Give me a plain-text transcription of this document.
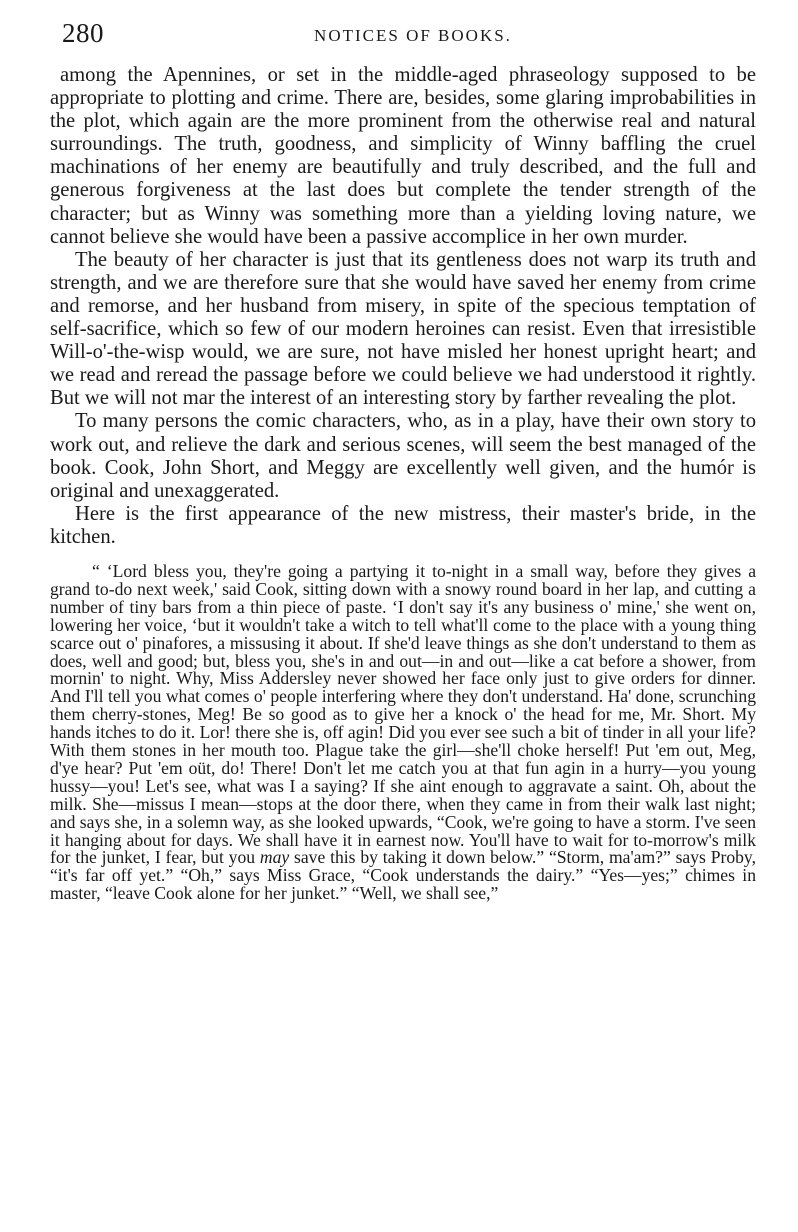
280	NOTICES OF BOOKS.

among the Apennines, or set in the middle-aged phraseology supposed to be appropriate to plotting and crime. There are, besides, some glaring improbabilities in the plot, which again are the more prominent from the otherwise real and natural surroundings. The truth, goodness, and simplicity of Winny baffling the cruel machinations of her enemy are beautifully and truly described, and the full and generous forgiveness at the last does but complete the tender strength of the character; but as Winny was something more than a yielding loving nature, we cannot believe she would have been a passive accomplice in her own murder.

The beauty of her character is just that its gentleness does not warp its truth and strength, and we are therefore sure that she would have saved her enemy from crime and remorse, and her husband from misery, in spite of the specious temptation of self-sacrifice, which so few of our modern heroines can resist. Even that irresistible Will-o'-the-wisp would, we are sure, not have misled her honest upright heart; and we read and reread the passage before we could believe we had understood it rightly. But we will not mar the interest of an interesting story by farther revealing the plot.

To many persons the comic characters, who, as in a play, have their own story to work out, and relieve the dark and serious scenes, will seem the best managed of the book. Cook, John Short, and Meggy are excellently well given, and the humór is original and unexaggerated.

Here is the first appearance of the new mistress, their master's bride, in the kitchen.

“ ‘Lord bless you, they're going a partying it to-night in a small way, before they gives a grand to-do next week,' said Cook, sitting down with a snowy round board in her lap, and cutting a number of tiny bars from a thin piece of paste. ‘I don't say it's any business o' mine,' she went on, lowering her voice, ‘but it wouldn't take a witch to tell what'll come to the place with a young thing scarce out o' pinafores, a missusing it about. If she'd leave things as she don't understand to them as does, well and good; but, bless you, she's in and out—in and out—like a cat before a shower, from mornin' to night. Why, Miss Addersley never showed her face only just to give orders for dinner. And I'll tell you what comes o' people interfering where they don't understand. Ha' done, scrunching them cherry-stones, Meg! Be so good as to give her a knock o' the head for me, Mr. Short. My hands itches to do it. Lor! there she is, off agin! Did you ever see such a bit of tinder in all your life? With them stones in her mouth too. Plague take the girl—she'll choke herself! Put 'em out, Meg, d'ye hear? Put 'em oüt, do! There! Don't let me catch you at that fun agin in a hurry—you young hussy—you! Let's see, what was I a saying? If she aint enough to aggravate a saint. Oh, about the milk. She—missus I mean—stops at the door there, when they came in from their walk last night; and says she, in a solemn way, as she looked upwards, “Cook, we're going to have a storm. I've seen it hanging about for days. We shall have it in earnest now. You'll have to wait for to-morrow's milk for the junket, I fear, but you may save this by taking it down below.” “Storm, ma'am?” says Proby, “it's far off yet.” “Oh,” says Miss Grace, “Cook understands the dairy.” “Yes—yes;” chimes in master, “leave Cook alone for her junket.” “Well, we shall see,”
